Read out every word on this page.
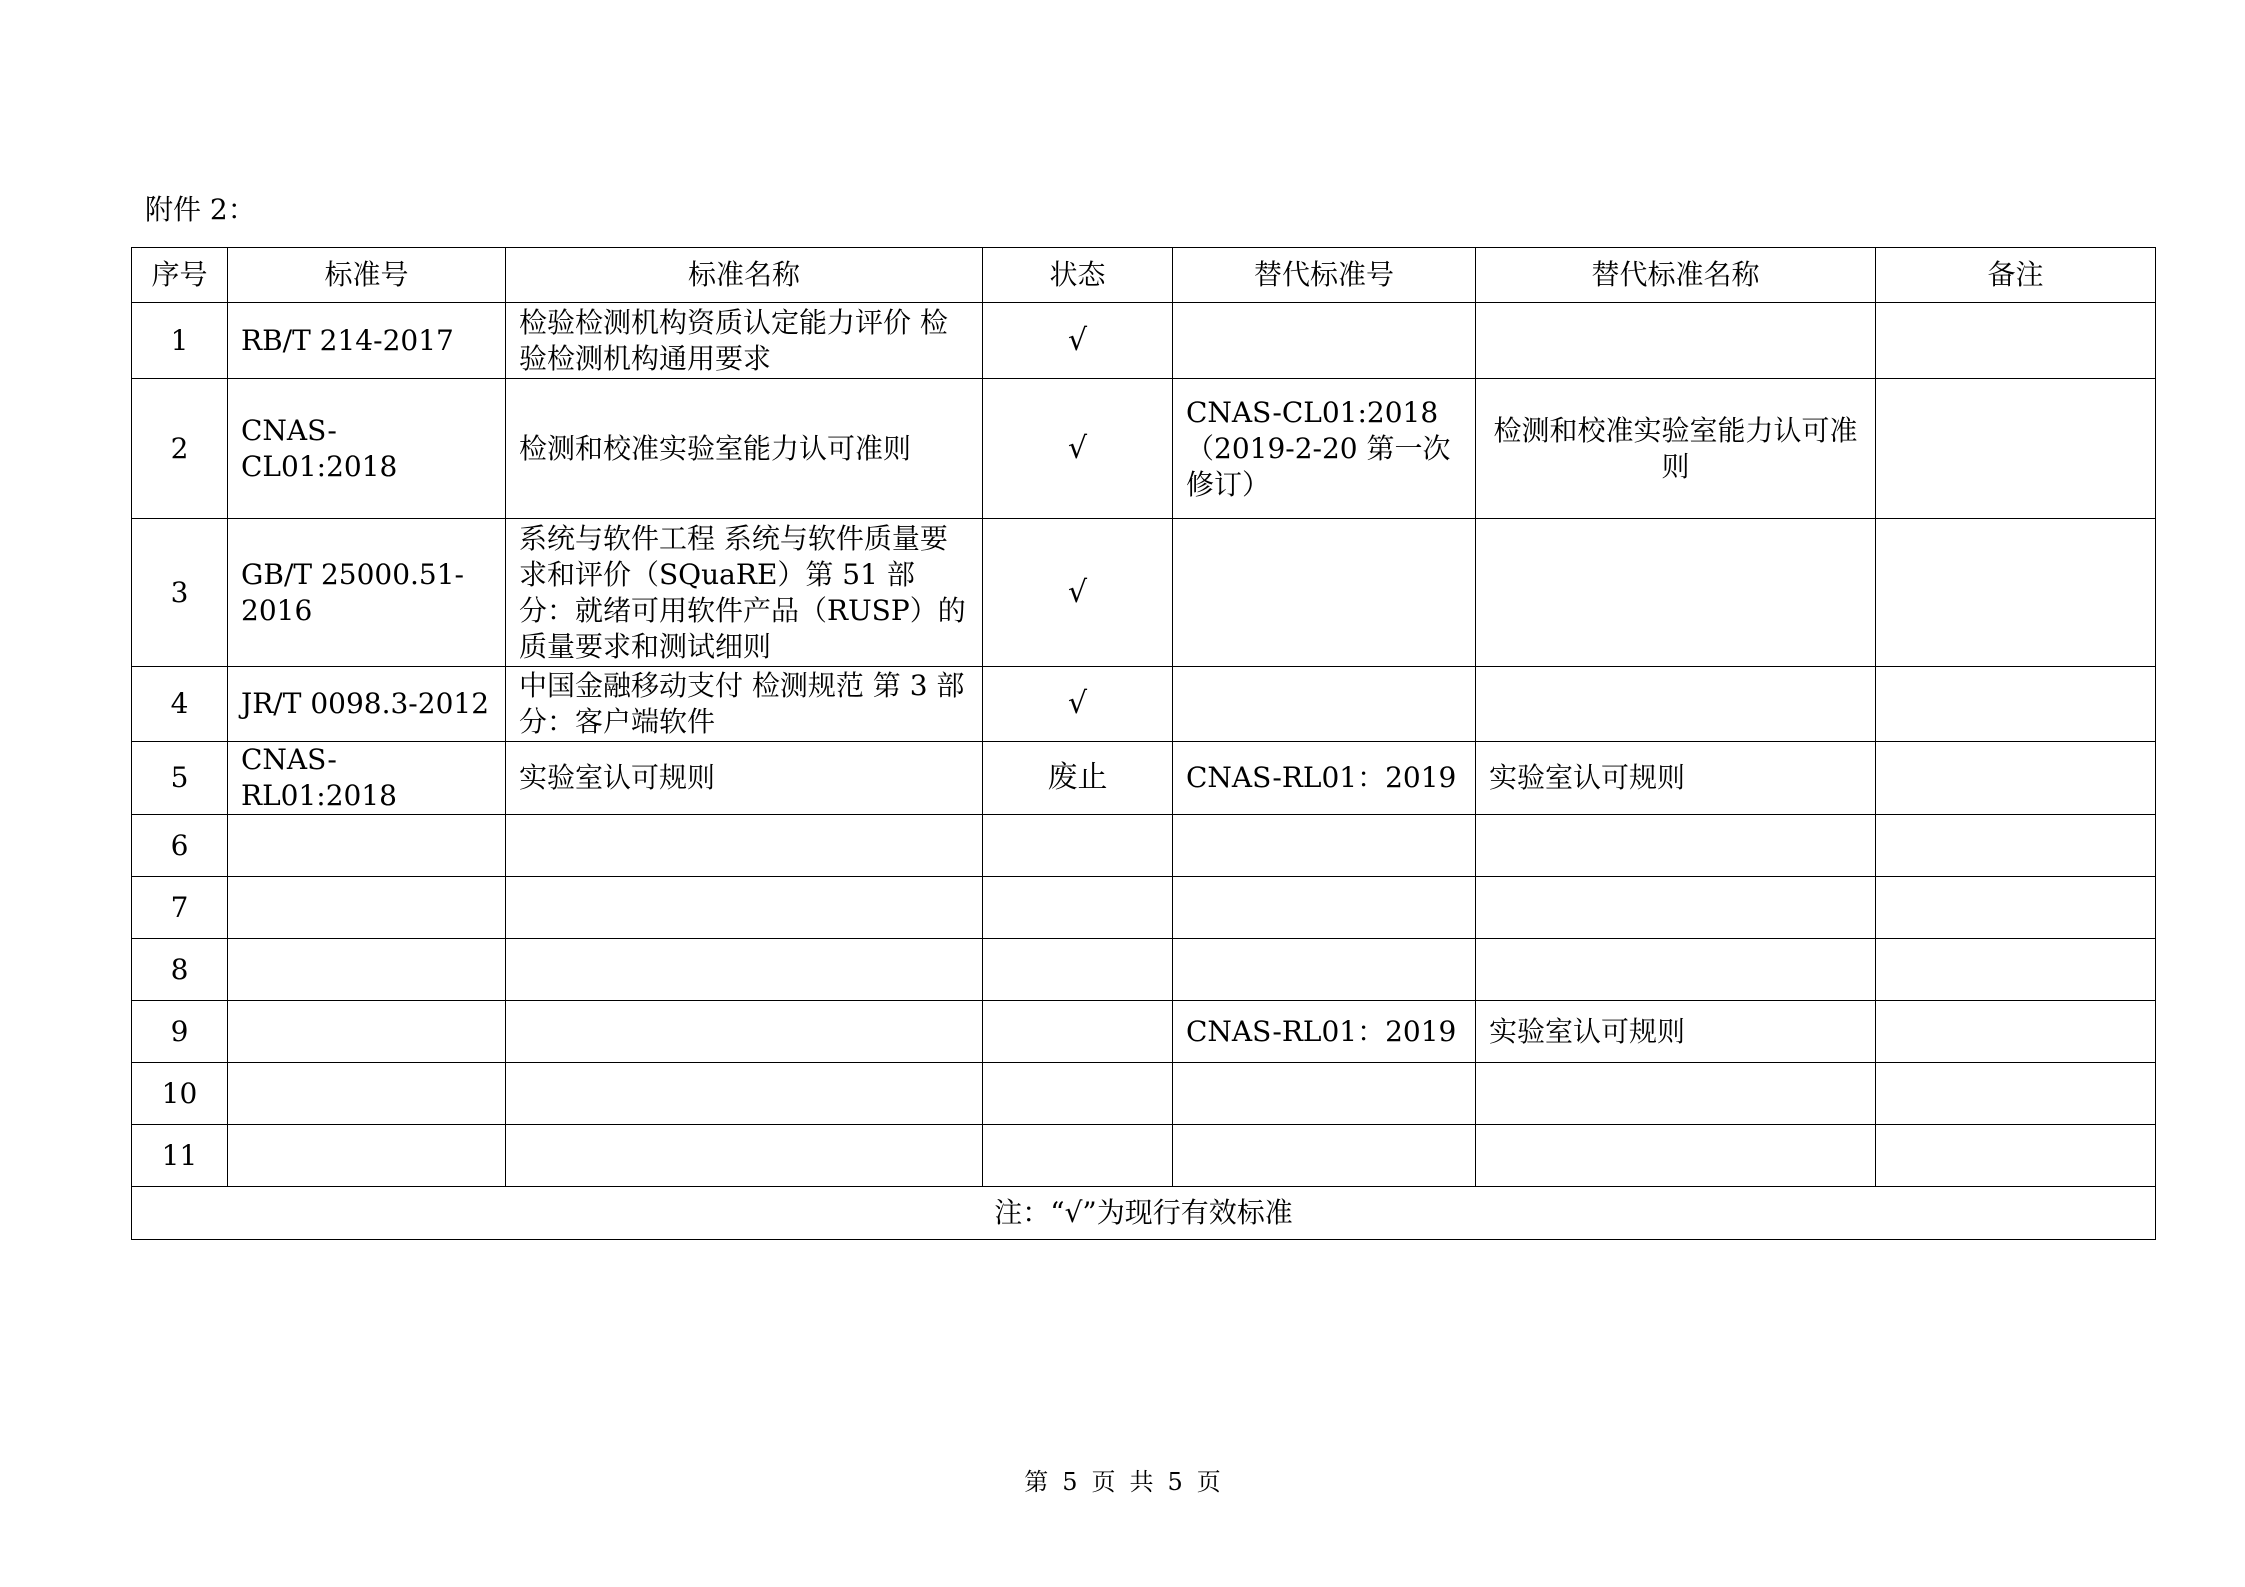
附件 2：
序号	标准号	标准名称	状态	替代标准号	替代标准名称	备注
1	RB/T 214-2017	检验检测机构资质认定能力评价 检验检测机构通用要求	√			
2	CNAS-CL01:2018	检测和校准实验室能力认可准则	√	CNAS-CL01:2018（2019-2-20 第一次修订）	检测和校准实验室能力认可准则	
3	GB/T 25000.51-2016	系统与软件工程 系统与软件质量要求和评价（SQuaRE）第 51 部分：就绪可用软件产品（RUSP）的质量要求和测试细则	√			
4	JR/T 0098.3-2012	中国金融移动支付 检测规范 第 3 部分：客户端软件	√			
5	CNAS-RL01:2018	实验室认可规则	废止	CNAS-RL01：2019	实验室认可规则	
6						
7						
8						
9				CNAS-RL01：2019	实验室认可规则	
10						
11						
注：“√”为现行有效标准						
第 5 页 共 5 页
